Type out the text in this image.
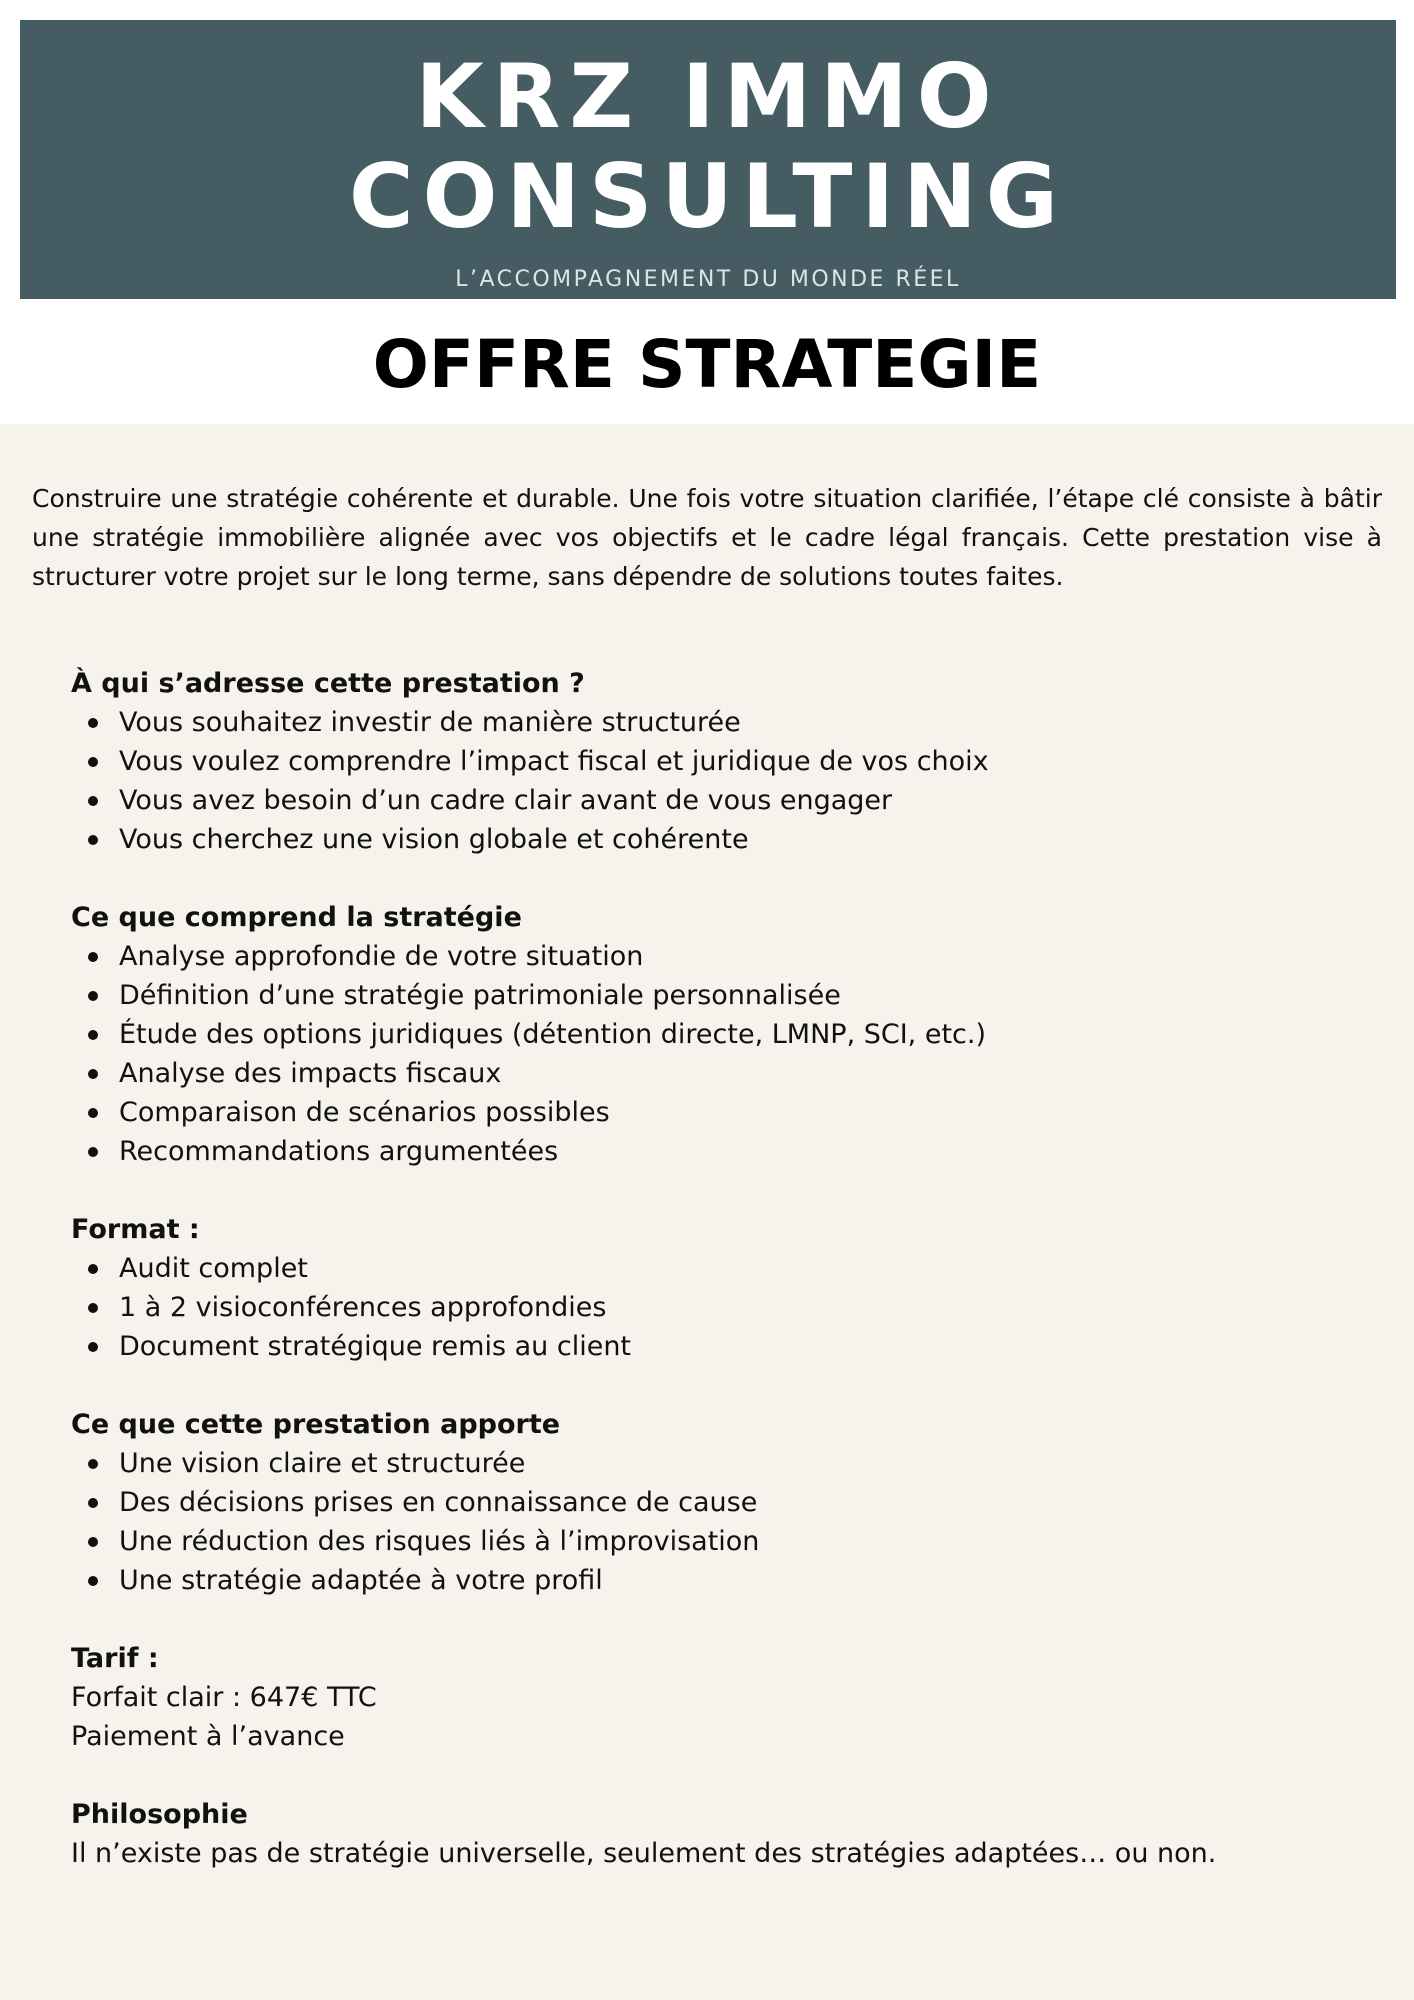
KRZ IMMO
CONSULTING
L’ACCOMPAGNEMENT DU MONDE RÉEL
OFFRE STRATEGIE

Construire une stratégie cohérente et durable. Une fois votre situation clarifiée, l’étape clé consiste à bâtir une stratégie immobilière alignée avec vos objectifs et le cadre légal français. Cette prestation vise à structurer votre projet sur le long terme, sans dépendre de solutions toutes faites.

À qui s’adresse cette prestation ?
Vous souhaitez investir de manière structurée
Vous voulez comprendre l’impact fiscal et juridique de vos choix
Vous avez besoin d’un cadre clair avant de vous engager
Vous cherchez une vision globale et cohérente
Ce que comprend la stratégie
Analyse approfondie de votre situation
Définition d’une stratégie patrimoniale personnalisée
Étude des options juridiques (détention directe, LMNP, SCI, etc.)
Analyse des impacts fiscaux
Comparaison de scénarios possibles
Recommandations argumentées
Format :
Audit complet
1 à 2 visioconférences approfondies
Document stratégique remis au client
Ce que cette prestation apporte
Une vision claire et structurée
Des décisions prises en connaissance de cause
Une réduction des risques liés à l’improvisation
Une stratégie adaptée à votre profil
Tarif :
Forfait clair : 647€ TTC
Paiement à l’avance
Philosophie
Il n’existe pas de stratégie universelle, seulement des stratégies adaptées… ou non.
